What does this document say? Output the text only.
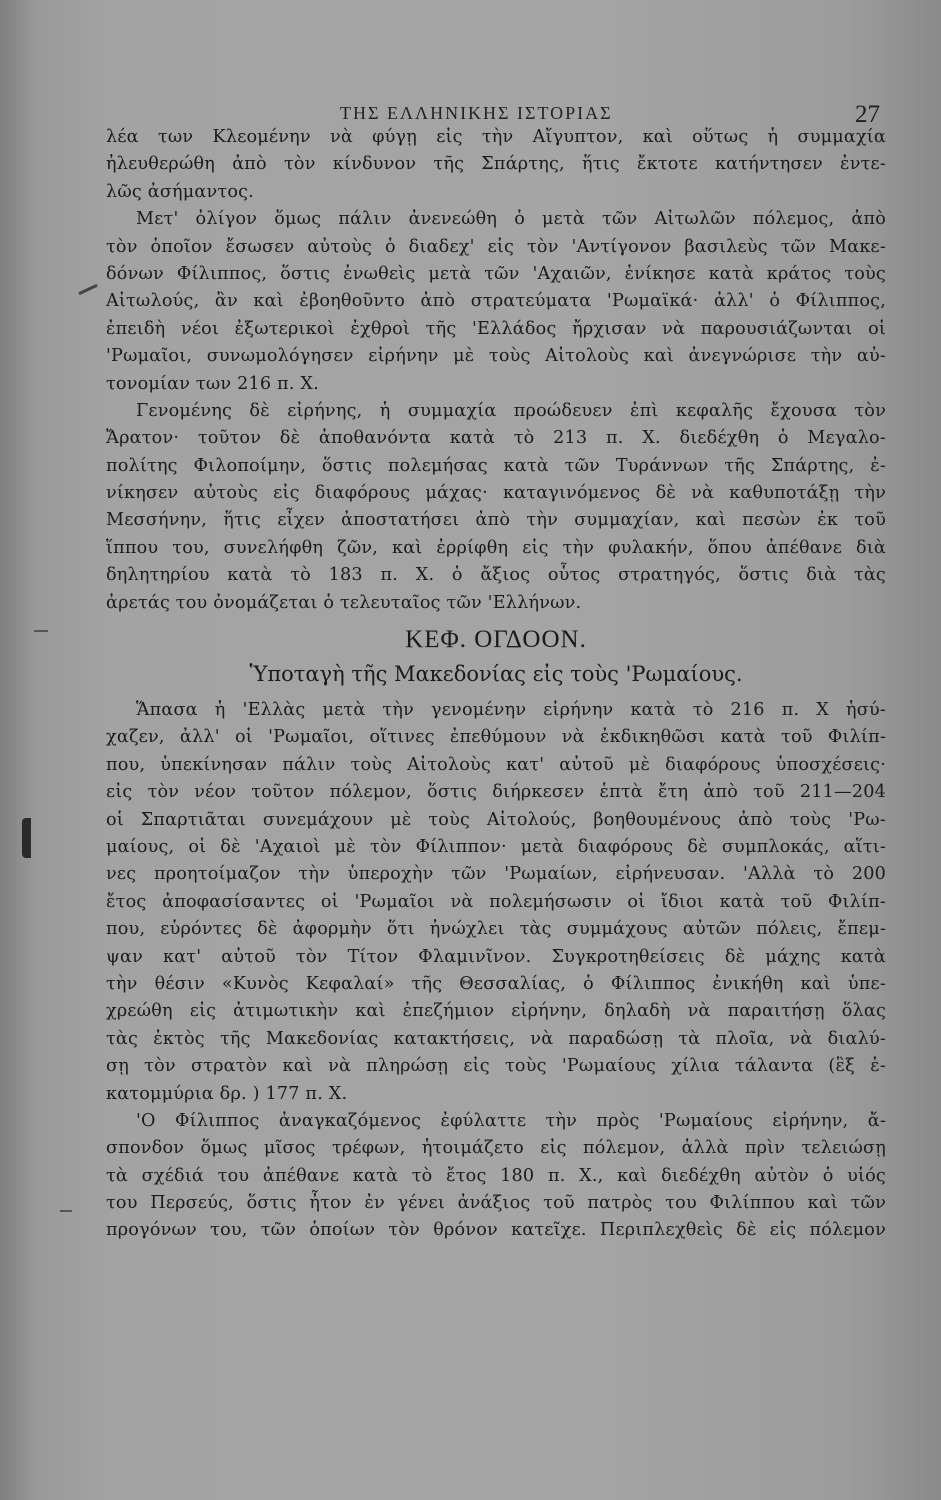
ΤΗΣ ΕΛΛΗΝΙΚΗΣ ΙΣΤΟΡΙΑΣ	27
λέα των Κλεομένην νὰ φύγῃ εἰς τὴν Αἴγυπτον, καὶ οὕτως ἡ συμμαχία
ἠλευθερώθη ἀπὸ τὸν κίνδυνον τῆς Σπάρτης, ἥτις ἔκτοτε κατήντησεν ἐντε-
λῶς ἀσήμαντος.
Μετ' ὀλίγον ὅμως πάλιν ἀνενεώθη ὁ μετὰ τῶν Αἰτωλῶν πόλεμος, ἀπὸ
τὸν ὁποῖον ἔσωσεν αὐτοὺς ὁ διαδεχ' εἰς τὸν 'Αντίγονον βασιλεὺς τῶν Μακε-
δόνων Φίλιππος, ὅστις ἑνωθεὶς μετὰ τῶν 'Αχαιῶν, ἐνίκησε κατὰ κράτος τοὺς
Αἰτωλούς, ἂν καὶ ἐβοηθοῦντο ἀπὸ στρατεύματα 'Ρωμαϊκά· ἀλλ' ὁ Φίλιππος,
ἐπειδὴ νέοι ἐξωτερικοὶ ἐχθροὶ τῆς 'Ελλάδος ἤρχισαν νὰ παρουσιάζωνται οἱ
'Ρωμαῖοι, συνωμολόγησεν εἰρήνην μὲ τοὺς Αἰτολοὺς καὶ ἀνεγνώρισε τὴν αὐ-
τονομίαν των 216 π. Χ.
Γενομένης δὲ εἰρήνης, ἡ συμμαχία προώδευεν ἐπὶ κεφαλῆς ἔχουσα τὸν
Ἄρατον· τοῦτον δὲ ἀποθανόντα κατὰ τὸ 213 π. Χ. διεδέχθη ὁ Μεγαλο-
πολίτης Φιλοποίμην, ὅστις πολεμήσας κατὰ τῶν Τυράννων τῆς Σπάρτης, ἐ-
νίκησεν αὐτοὺς εἰς διαφόρους μάχας· καταγινόμενος δὲ νὰ καθυποτάξῃ τὴν
Μεσσήνην, ἥτις εἶχεν ἀποστατήσει ἀπὸ τὴν συμμαχίαν, καὶ πεσὼν ἐκ τοῦ
ἵππου του, συνελήφθη ζῶν, καὶ ἐρρίφθη εἰς τὴν φυλακήν, ὅπου ἀπέθανε διὰ
δηλητηρίου κατὰ τὸ 183 π. Χ. ὁ ἄξιος οὗτος στρατηγός, ὅστις διὰ τὰς
ἀρετάς του ὀνομάζεται ὁ τελευταῖος τῶν 'Ελλήνων.
ΚΕΦ. ΟΓΔΟΟΝ.
Ὑποταγὴ τῆς Μακεδονίας εἰς τοὺς 'Ρωμαίους.
Ἅπασα ἡ 'Ελλὰς μετὰ τὴν γενομένην εἰρήνην κατὰ τὸ 216 π. Χ ἡσύ-
χαζεν, ἀλλ' οἱ 'Ρωμαῖοι, οἵτινες ἐπεθύμουν νὰ ἐκδικηθῶσι κατὰ τοῦ Φιλίπ-
που, ὑπεκίνησαν πάλιν τοὺς Αἰτολοὺς κατ' αὐτοῦ μὲ διαφόρους ὑποσχέσεις·
εἰς τὸν νέον τοῦτον πόλεμον, ὅστις διήρκεσεν ἑπτὰ ἔτη ἀπὸ τοῦ 211—204
οἱ Σπαρτιᾶται συνεμάχουν μὲ τοὺς Αἰτολούς, βοηθουμένους ἀπὸ τοὺς 'Ρω-
μαίους, οἱ δὲ 'Αχαιοὶ μὲ τὸν Φίλιππον· μετὰ διαφόρους δὲ συμπλοκάς, αἵτι-
νες προητοίμαζον τὴν ὑπεροχὴν τῶν 'Ρωμαίων, εἰρήνευσαν. 'Αλλὰ τὸ 200
ἔτος ἀποφασίσαντες οἱ 'Ρωμαῖοι νὰ πολεμήσωσιν οἱ ἴδιοι κατὰ τοῦ Φιλίπ-
που, εὑρόντες δὲ ἀφορμὴν ὅτι ἠνώχλει τὰς συμμάχους αὐτῶν πόλεις, ἔπεμ-
ψαν κατ' αὐτοῦ τὸν Τίτον Φλαμινῖνον. Συγκροτηθείσεις δὲ μάχης κατὰ
τὴν θέσιν «Κυνὸς Κεφαλαί» τῆς Θεσσαλίας, ὁ Φίλιππος ἐνικήθη καὶ ὑπε-
χρεώθη εἰς ἀτιμωτικὴν καὶ ἐπεζήμιον εἰρήνην, δηλαδὴ νὰ παραιτήσῃ ὅλας
τὰς ἐκτὸς τῆς Μακεδονίας κατακτήσεις, νὰ παραδώσῃ τὰ πλοῖα, νὰ διαλύ-
σῃ τὸν στρατὸν καὶ νὰ πληρώσῃ εἰς τοὺς 'Ρωμαίους χίλια τάλαντα (ἓξ ἑ-
κατομμύρια δρ. ) 177 π. Χ.
'Ο Φίλιππος ἀναγκαζόμενος ἐφύλαττε τὴν πρὸς 'Ρωμαίους εἰρήνην, ἄ-
σπονδον ὅμως μῖσος τρέφων, ἡτοιμάζετο εἰς πόλεμον, ἀλλὰ πρὶν τελειώσῃ
τὰ σχέδιά του ἀπέθανε κατὰ τὸ ἔτος 180 π. Χ., καὶ διεδέχθη αὐτὸν ὁ υἱός
του Περσεύς, ὅστις ἦτον ἐν γένει ἀνάξιος τοῦ πατρὸς του Φιλίππου καὶ τῶν
προγόνων του, τῶν ὁποίων τὸν θρόνον κατεῖχε. Περιπλεχθεὶς δὲ εἰς πόλεμον
